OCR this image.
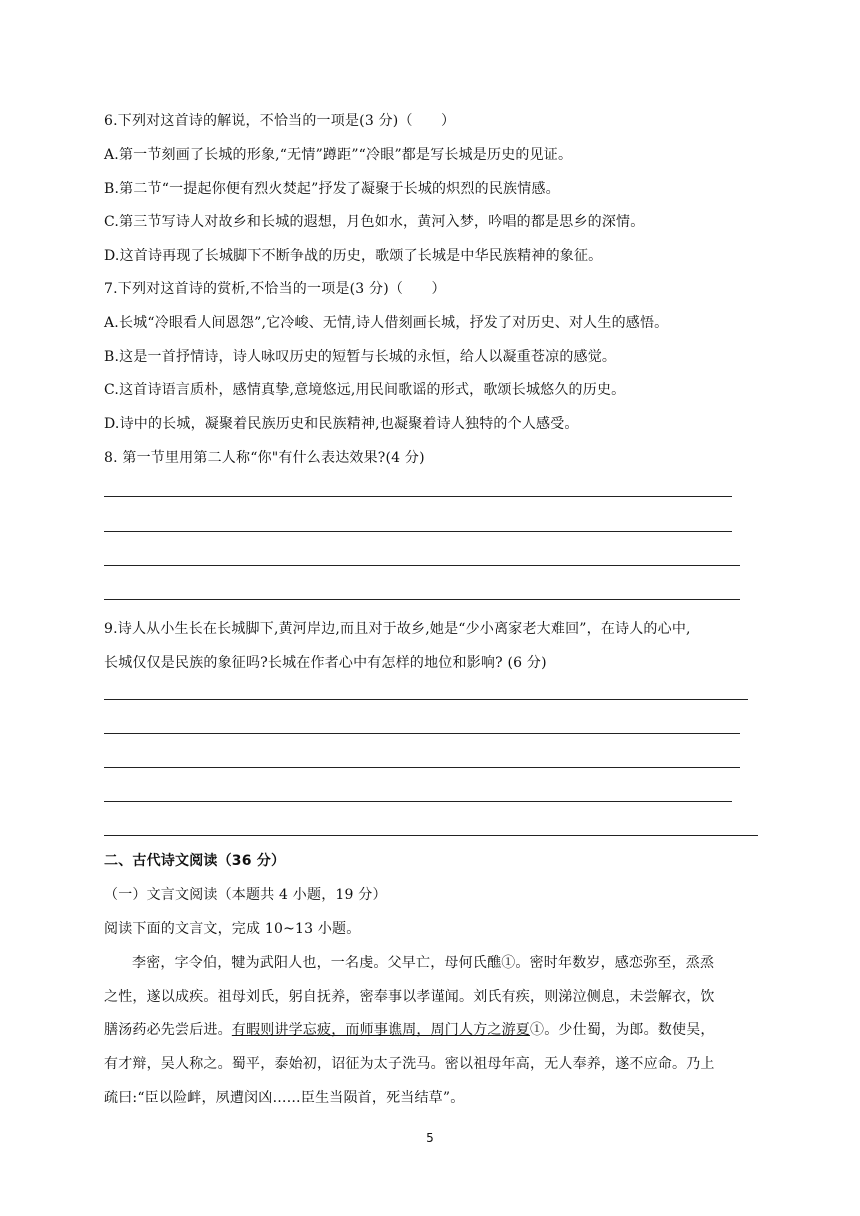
6.下列对这首诗的解说，不恰当的一项是(3 分)（　　）
A.第一节刻画了长城的形象,“无情”蹲距”“冷眼”都是写长城是历史的见证。
B.第二节“一提起你便有烈火焚起”抒发了凝聚于长城的炽烈的民族情感。
C.第三节写诗人对故乡和长城的遐想，月色如水，黄河入梦，吟唱的都是思乡的深情。
D.这首诗再现了长城脚下不断争战的历史，歌颂了长城是中华民族精神的象征。
7.下列对这首诗的赏析,不恰当的一项是(3 分)（　　）
A.长城“冷眼看人间恩怨”,它冷峻、无情,诗人借刻画长城，抒发了对历史、对人生的感悟。
B.这是一首抒情诗，诗人咏叹历史的短暂与长城的永恒，给人以凝重苍凉的感觉。
C.这首诗语言质朴，感情真挚,意境悠远,用民间歌谣的形式，歌颂长城悠久的历史。
D.诗中的长城，凝聚着民族历史和民族精神,也凝聚着诗人独特的个人感受。
8. 第一节里用第二人称“你"有什么表达效果?(4 分)
9.诗人从小生长在长城脚下,黄河岸边,而且对于故乡,她是“少小离家老大难回”，在诗人的心中,
长城仅仅是民族的象征吗?长城在作者心中有怎样的地位和影响? (6 分)
二、古代诗文阅读（36 分）
（一）文言文阅读（本题共 4 小题，19 分）
阅读下面的文言文，完成 10~13 小题。
李密，字令伯，犍为武阳人也，一名虔。父早亡，母何氏醮①。密时年数岁，感恋弥至，烝烝
之性，遂以成疾。祖母刘氏，躬自抚养，密奉事以孝谨闻。刘氏有疾，则涕泣侧息，未尝解衣，饮
膳汤药必先尝后进。有暇则讲学忘疲，而师事谯周，周门人方之游夏①。少仕蜀，为郎。数使吴，
有才辩，吴人称之。蜀平，泰始初，诏征为太子洗马。密以祖母年高，无人奉养，遂不应命。乃上
疏曰:“臣以险衅，夙遭闵凶……臣生当陨首，死当结草”。
5
